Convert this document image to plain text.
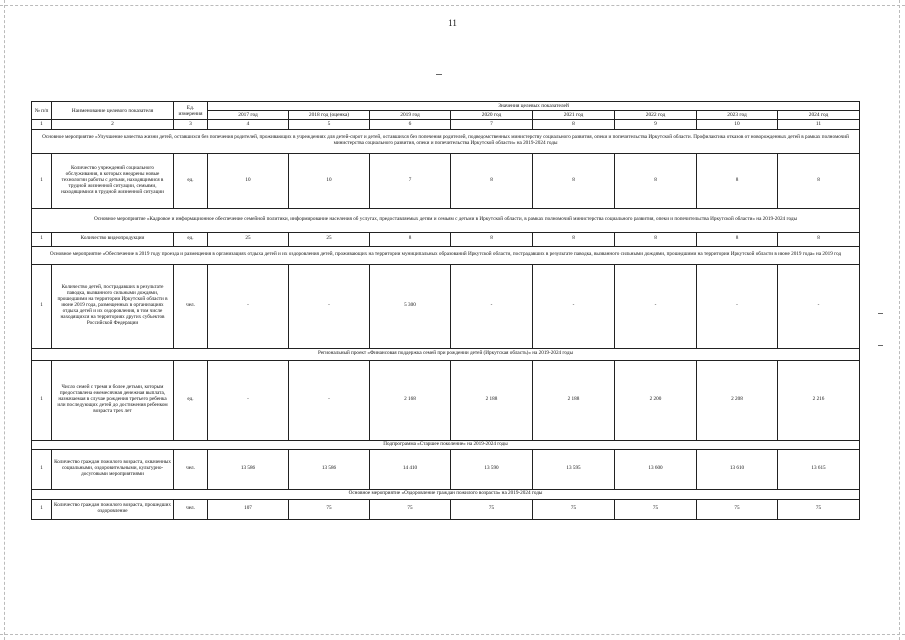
11
№ п/п	Наименование целевого показателя	Ед. измерения	Значения целевых показателей							
			2017 год	2018 год (оценка)	2019 год	2020 год	2021 год	2022 год	2023 год	2024 год
1	2	3	4	5	6	7	8	9	10	11
Основное мероприятие «Улучшение качества жизни детей, оставшихся без попечения родителей, проживающих в учреждениях для детей-сирот и детей, оставшихся без попечения родителей, подведомственных министерству социального развития, опеки и попечительства Иркутской области. Профилактика отказов от новорожденных детей в рамках полномочий министерства социального развития, опеки и попечительства Иркутской области» на 2019-2024 годы										
1	Количество учреждений социального обслуживания, в которых внедрены новые технологии работы с детьми, находящимися в трудной жизненной ситуации, семьями, находящимися в трудной жизненной ситуации	ед.	10	10	7	8	8	8	8	8
Основное мероприятие «Кадровое и информационное обеспечение семейной политики, информирование населения об услугах, предоставляемых детям и семьям с детьми в Иркутской области, в рамках полномочий министерства социального развития, опеки и попечительства Иркутской области» на 2019-2024 годы										
1	Количество видеопродукции	ед.	25	25	8	8	8	8	8	8
Основное мероприятие «Обеспечение в 2019 году проезда и размещения в организациях отдыха детей и их оздоровления детей, проживающих на территории муниципальных образований Иркутской области, пострадавших в результате паводка, вызванного сильными дождями, прошедшими на территории Иркутской области в июне 2019 года» на 2019 год										
1	Количество детей, пострадавших в результате паводка, вызванного сильными дождями, прошедшими на территории Иркутской области в июне 2019 года, размещенных в организациях отдыха детей и их оздоровления, в том числе находящихся на территориях других субъектов Российской Федерации	чел.	-	-	5 300	-	-	-	-	-
Региональный проект «Финансовая поддержка семей при рождении детей (Иркутская область)» на 2019-2024 годы										
1	Число семей с тремя и более детьми, которым предоставлена ежемесячная денежная выплата, назначаемая в случае рождения третьего ребенка или последующих детей до достижения ребенком возраста трех лет	ед.	-	-	2 168	2 188	2 188	2 200	2 208	2 216
Подпрограмма «Старшее поколение» на 2019-2024 годы										
1	Количество граждан пожилого возраста, охваченных социальными, оздоровительными, культурно-досуговыми мероприятиями	чел.	13 586	13 586	14 410	13 590	13 595	13 600	13 610	13 615
Основное мероприятие «Оздоровление граждан пожилого возраста» на 2019-2024 годы										
1	Количество граждан пожилого возраста, прошедших оздоровление	чел.	107	75	75	75	75	75	75	75
